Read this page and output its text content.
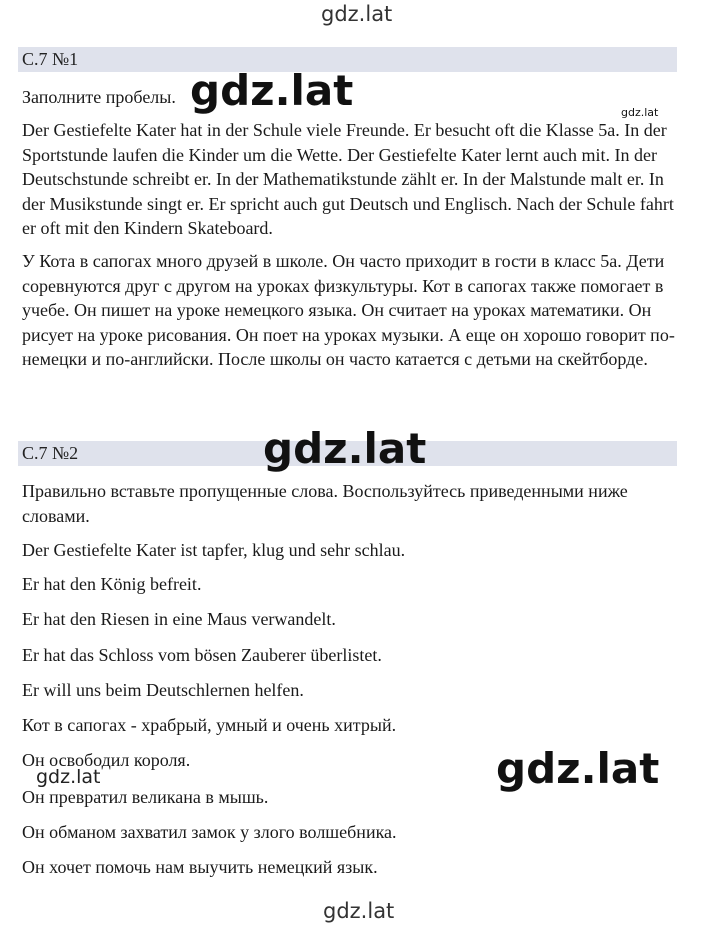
gdz.lat
С.7 №1
Заполните пробелы.
Der Gestiefelte Kater hat in der Schule viele Freunde. Er besucht oft die Klasse 5a. In der Sportstunde laufen die Kinder um die Wette. Der Gestiefelte Kater lernt auch mit. In der Deutschstunde schreibt er. In der Mathematikstunde zählt er. In der Malstunde malt er. In der Musikstunde singt er. Er spricht auch gut Deutsch und Englisch. Nach der Schule fahrt er oft mit den Kindern Skateboard.
У Кота в сапогах много друзей в школе. Он часто приходит в гости в класс 5а. Дети соревнуются друг с другом на уроках физкультуры. Кот в сапогах также помогает в учебе. Он пишет на уроке немецкого языка. Он считает на уроках математики. Он рисует на уроке рисования. Он поет на уроках музыки. А еще он хорошо говорит по-немецки и по-английски. После школы он часто катается с детьми на скейтборде.
С.7 №2
Правильно вставьте пропущенные слова. Воспользуйтесь приведенными ниже словами.
Der Gestiefelte Kater ist tapfer, klug und sehr schlau.
Er hat den König befreit.
Er hat den Riesen in eine Maus verwandelt.
Er hat das Schloss vom bösen Zauberer überlistet.
Er will uns beim Deutschlernen helfen.
Кот в сапогах - храбрый, умный и очень хитрый.
Он освободил короля.
Он превратил великана в мышь.
Он обманом захватил замок у злого волшебника.
Он хочет помочь нам выучить немецкий язык.
gdz.lat	gdz.lat
gdz.lat
gdz.lat
gdz.lat
gdz.lat
